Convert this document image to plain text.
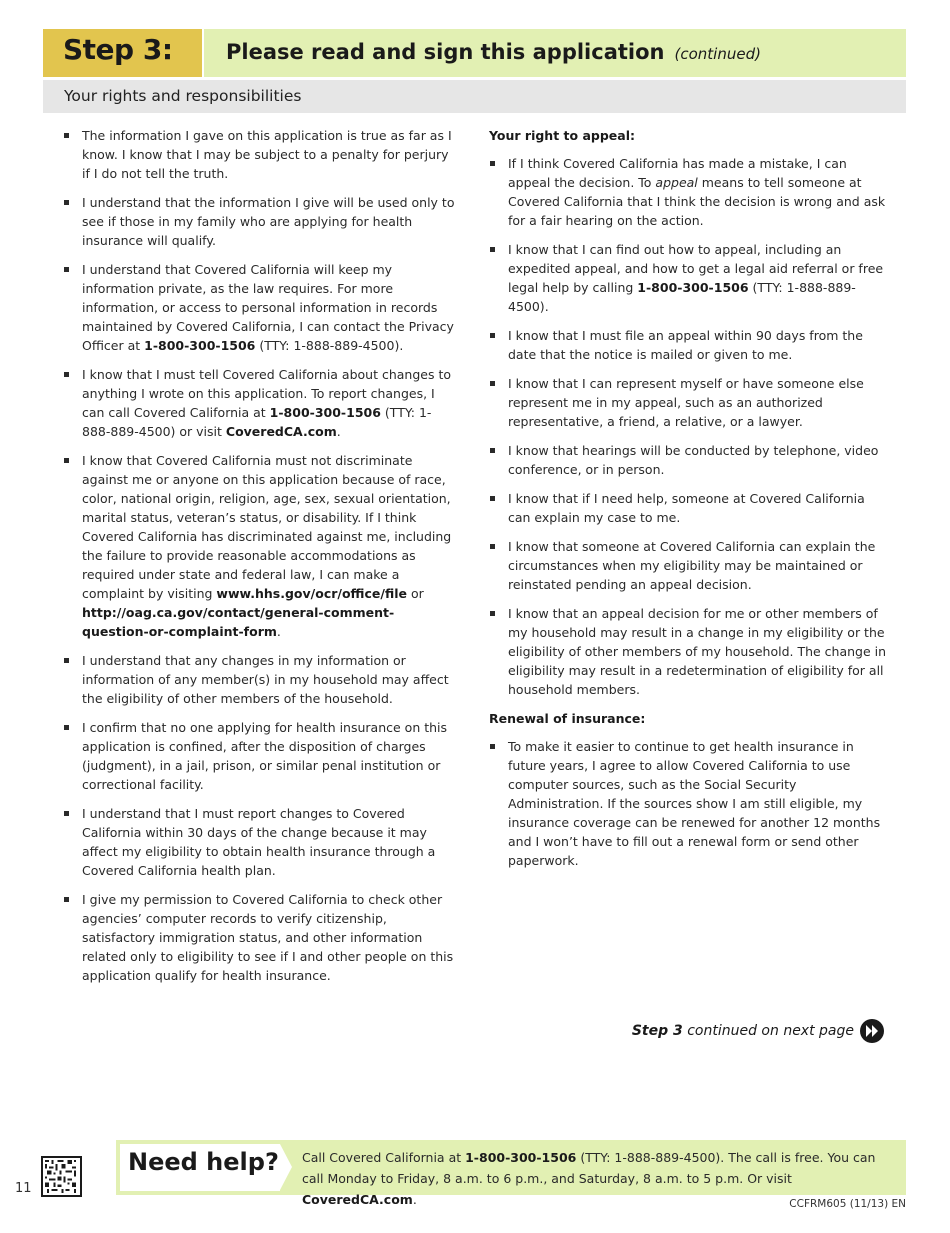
Step 3:	Please read and sign this application (continued)
Your rights and responsibilities
The information I gave on this application is true as far as I know. I know that I may be subject to a penalty for perjury if I do not tell the truth.
I understand that the information I give will be used only to see if those in my family who are applying for health insurance will qualify.
I understand that Covered California will keep my information private, as the law requires. For more information, or access to personal information in records maintained by Covered California, I can contact the Privacy Officer at 1-800-300-1506 (TTY: 1-888-889-4500).
I know that I must tell Covered California about changes to anything I wrote on this application. To report changes, I can call Covered California at 1-800-300-1506 (TTY: 1-888-889-4500) or visit CoveredCA.com.
I know that Covered California must not discriminate against me or anyone on this application because of race, color, national origin, religion, age, sex, sexual orientation, marital status, veteran’s status, or disability. If I think Covered California has discriminated against me, including the failure to provide reasonable accommodations as required under state and federal law, I can make a complaint by visiting www.hhs.gov/ocr/office/file or http://oag.ca.gov/contact/general-comment-question-or-complaint-form.
I understand that any changes in my information or information of any member(s) in my household may affect the eligibility of other members of the household.
I confirm that no one applying for health insurance on this application is confined, after the disposition of charges (judgment), in a jail, prison, or similar penal institution or correctional facility.
I understand that I must report changes to Covered California within 30 days of the change because it may affect my eligibility to obtain health insurance through a Covered California health plan.
I give my permission to Covered California to check other agencies’ computer records to verify citizenship, satisfactory immigration status, and other information related only to eligibility to see if I and other people on this application qualify for health insurance.
Your right to appeal:
If I think Covered California has made a mistake, I can appeal the decision. To appeal means to tell someone at Covered California that I think the decision is wrong and ask for a fair hearing on the action.
I know that I can find out how to appeal, including an expedited appeal, and how to get a legal aid referral or free legal help by calling 1-800-300-1506 (TTY: 1-888-889-4500).
I know that I must file an appeal within 90 days from the date that the notice is mailed or given to me.
I know that I can represent myself or have someone else represent me in my appeal, such as an authorized representative, a friend, a relative, or a lawyer.
I know that hearings will be conducted by telephone, video conference, or in person.
I know that if I need help, someone at Covered California can explain my case to me.
I know that someone at Covered California can explain the circumstances when my eligibility may be maintained or reinstated pending an appeal decision.
I know that an appeal decision for me or other members of my household may result in a change in my eligibility or the eligibility of other members of my household. The change in eligibility may result in a redetermination of eligibility for all household members.
Renewal of insurance:
To make it easier to continue to get health insurance in future years, I agree to allow Covered California to use computer sources, such as the Social Security Administration. If the sources show I am still eligible, my insurance coverage can be renewed for another 12 months and I won’t have to fill out a renewal form or send other paperwork.
Step 3 continued on next page
11
Need help? Call Covered California at 1-800-300-1506 (TTY: 1-888-889-4500). The call is free. You can call Monday to Friday, 8 a.m. to 6 p.m., and Saturday, 8 a.m. to 5 p.m. Or visit CoveredCA.com.	CCFRM605 (11/13) EN
